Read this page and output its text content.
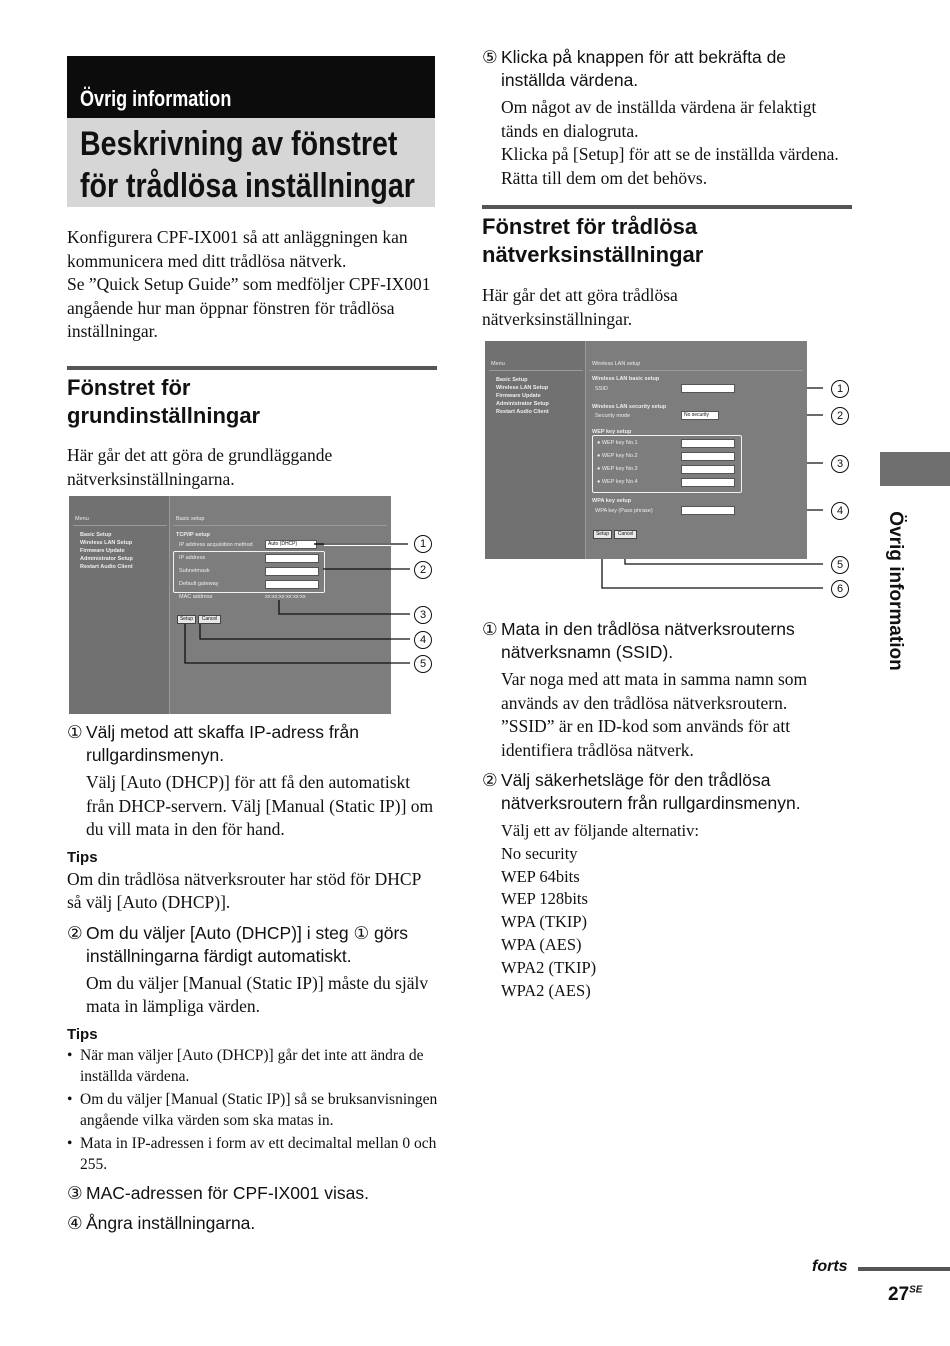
Övrig information
Beskrivning av fönstret
för trådlösa inställningar

Konfigurera CPF-IX001 så att anläggningen kan kommunicera med ditt trådlösa nätverk.

Se ”Quick Setup Guide” som medföljer CPF-IX001 angående hur man öppnar fönstren för trådlösa inställningar.

Fönstret för
grundinställningar

Här går det att göra de grundläggande nätverksinställningarna.

Menu
Basic Setup
Wireless LAN Setup
Firmware Update
Administrator Setup
Restart Audio Client
Basic setup
TCP/IP setup
IP address acquisition method	Auto (DHCP)
IP address
Subnetmask
Default gateway
MAC address	xx:xx:xx:xx:xx:xx
Setup	Cancel
1
2
3
4
5
① Välj metod att skaffa IP-adress från rullgardinsmenyn.

Välj [Auto (DHCP)] för att få den automatiskt från DHCP-servern. Välj [Manual (Static IP)] om du vill mata in den för hand.

Tips

Om din trådlösa nätverksrouter har stöd för DHCP så välj [Auto (DHCP)].

② Om du väljer [Auto (DHCP)] i steg ① görs inställningarna färdigt automatiskt.

Om du väljer [Manual (Static IP)] måste du själv mata in lämpliga värden.

Tips
• När man väljer [Auto (DHCP)] går det inte att ändra de inställda värdena.
• Om du väljer [Manual (Static IP)] så se bruksanvisningen angående vilka värden som ska matas in.
• Mata in IP-adressen i form av ett decimaltal mellan 0 och 255.
③ MAC-adressen för CPF-IX001 visas.
④ Ångra inställningarna.
⑤ Klicka på knappen för att bekräfta de inställda värdena.

Om något av de inställda värdena är felaktigt tänds en dialogruta.

Klicka på [Setup] för att se de inställda värdena. Rätta till dem om det behövs.

Fönstret för trådlösa
nätverksinställningar

Här går det att göra trådlösa nätverksinställningar.

Menu
Basic Setup
Wireless LAN Setup
Firmware Update
Administrator Setup
Restart Audio Client
Wireless LAN setup
Wireless LAN basic setup
SSID
Wireless LAN security setup
Security mode	No security
WEP key setup
● WEP key No.1
● WEP key No.2
● WEP key No.3
● WEP key No.4
WPA key setup
WPA key (Pass phrase)
Setup	Cancel
1
2
3
4
5
6
① Mata in den trådlösa nätverksrouterns nätverksnamn (SSID).

Var noga med att mata in samma namn som används av den trådlösa nätverksroutern.

”SSID” är en ID-kod som används för att identifiera trådlösa nätverk.

② Välj säkerhetsläge för den trådlösa nätverksroutern från rullgardinsmenyn.

Välj ett av följande alternativ:

No security
WEP 64bits
WEP 128bits
WPA (TKIP)
WPA (AES)
WPA2 (TKIP)
WPA2 (AES)
Övrig information
forts
$27^{SE}$
